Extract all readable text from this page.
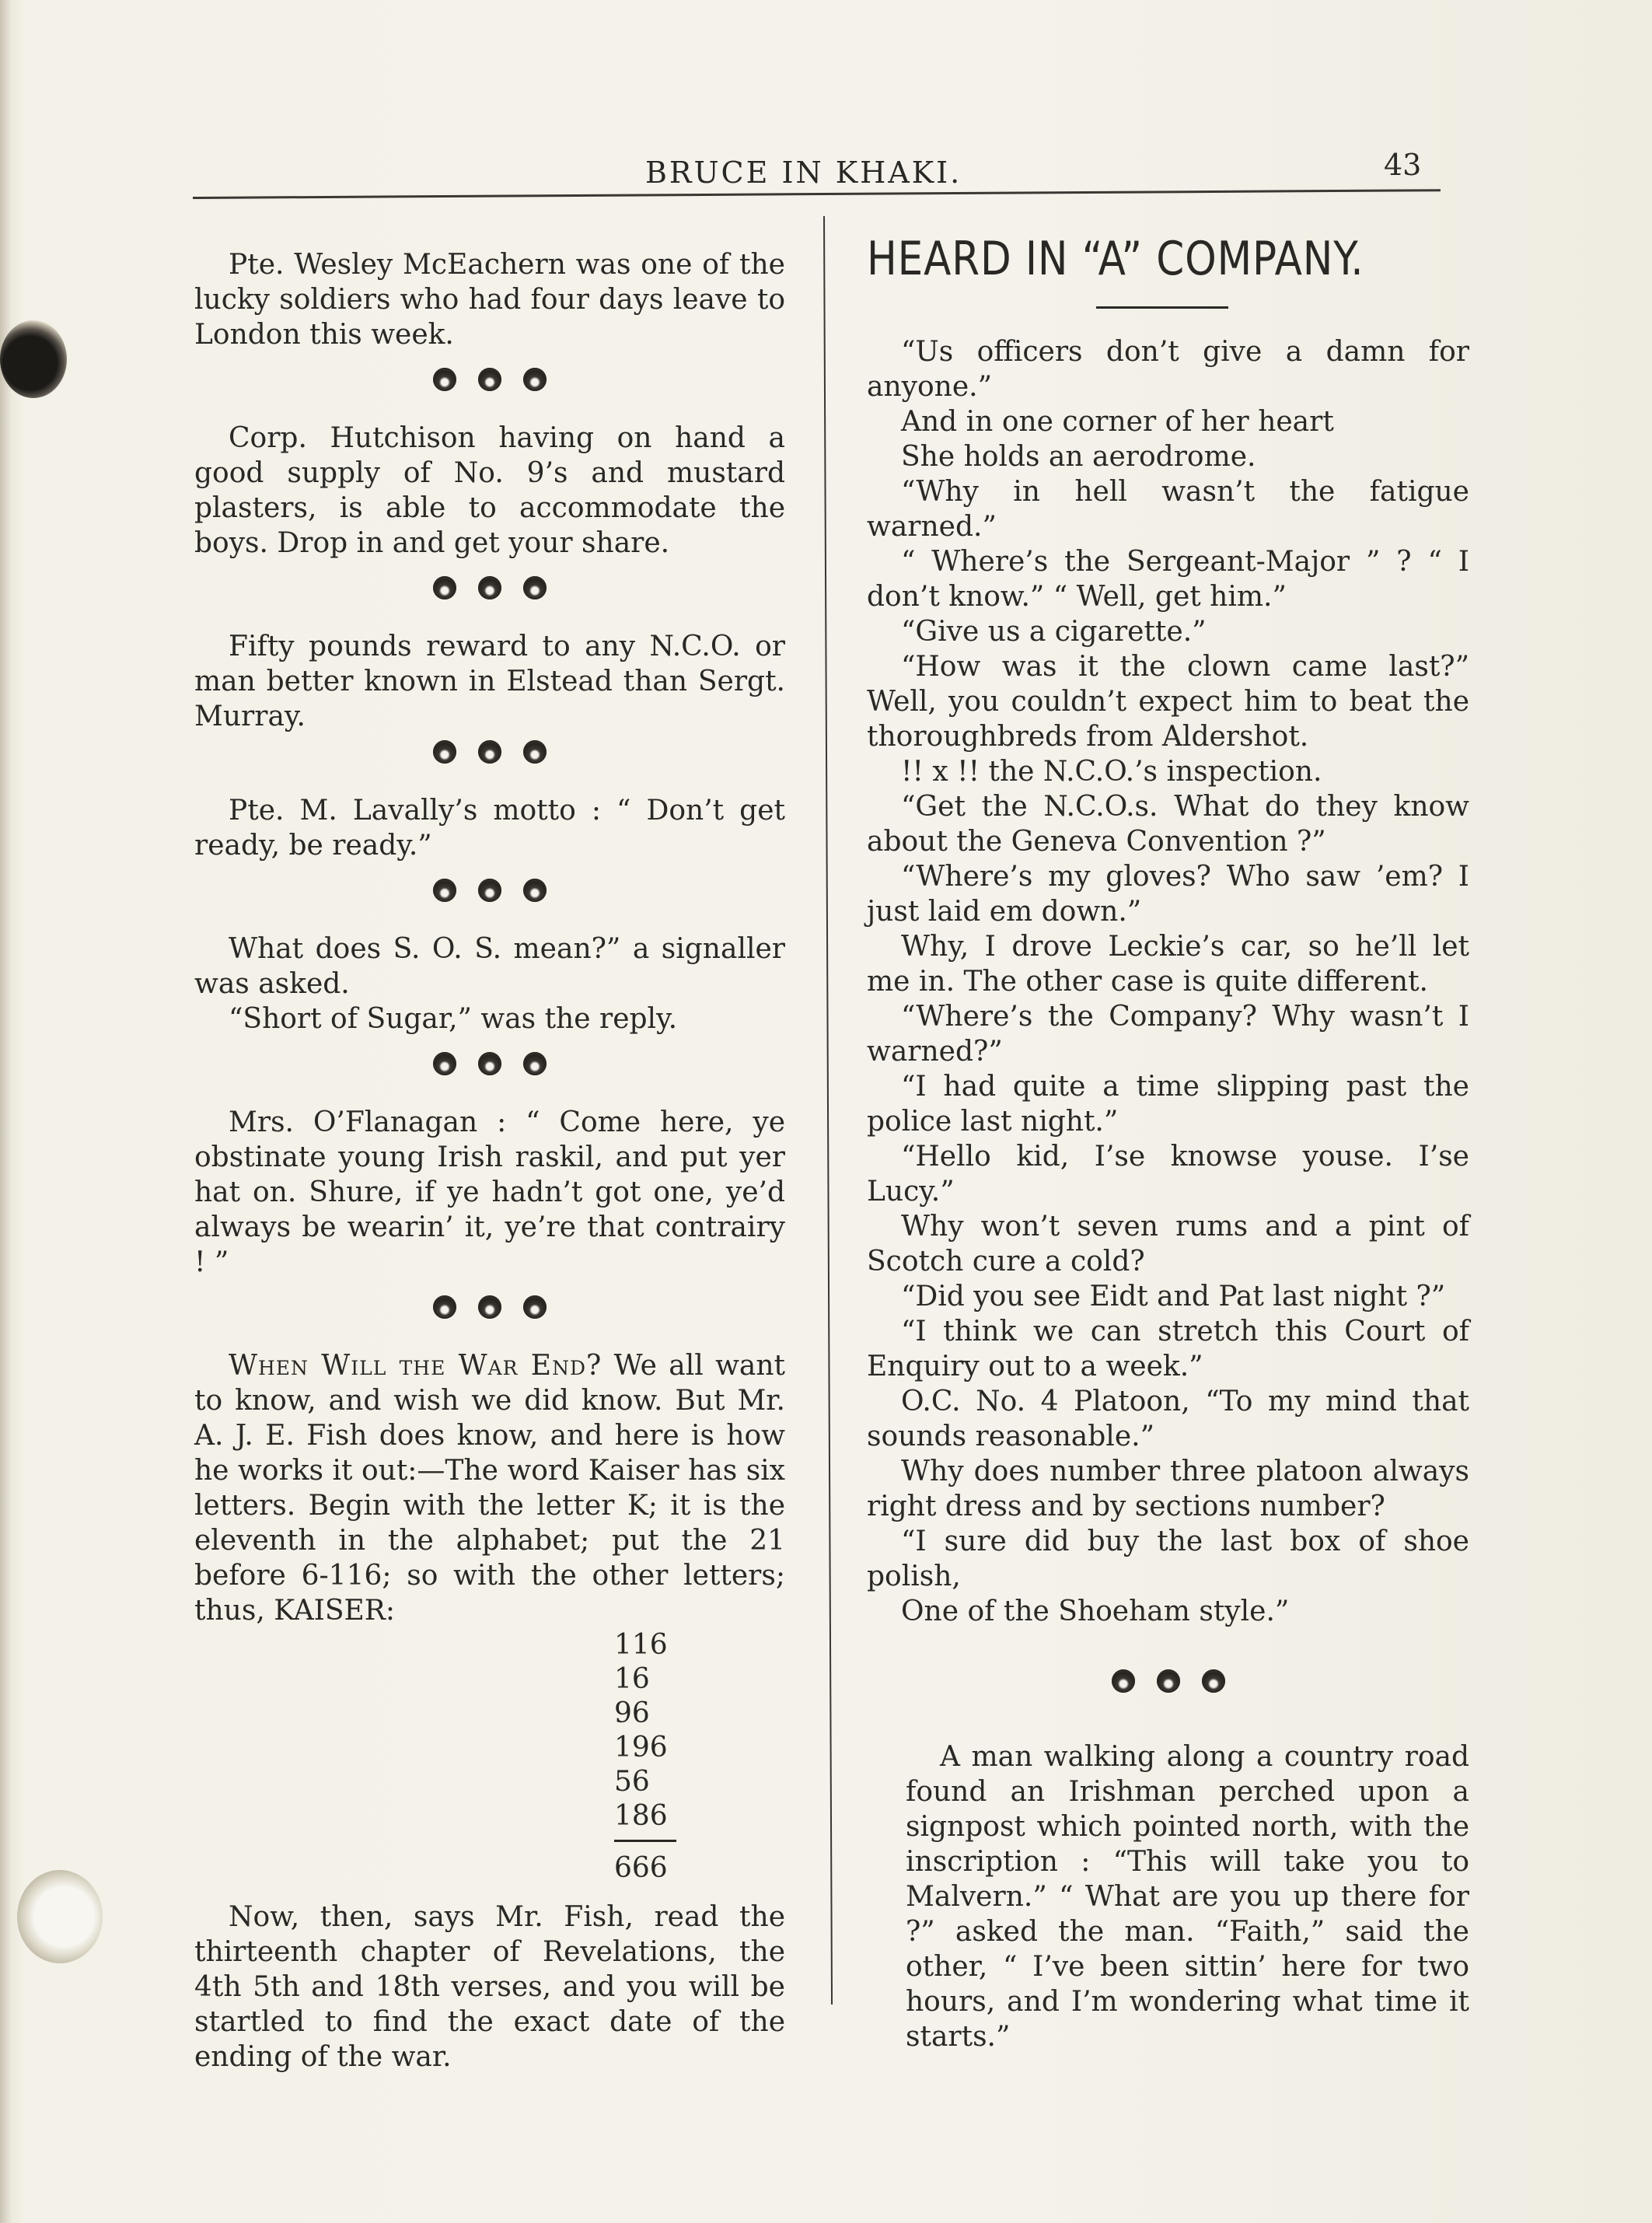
BRUCE IN KHAKI.	43

Pte. Wesley McEachern was one of the lucky soldiers who had four days leave to London this week.

Corp. Hutchison having on hand a good supply of No. 9’s and mustard plasters, is able to accommodate the boys. Drop in and get your share.

Fifty pounds reward to any N.C.O. or man better known in Elstead than Sergt. Murray.

Pte. M. Lavally’s motto : “ Don’t get ready, be ready.”

What does S. O. S. mean?” a signaller was asked.

“Short of Sugar,” was the reply.

Mrs. O’Flanagan : “ Come here, ye obstinate young Irish raskil, and put yer hat on. Shure, if ye hadn’t got one, ye’d always be wearin’ it, ye’re that contrairy ! ”

When Will the War End? We all want to know, and wish we did know. But Mr. A. J. E. Fish does know, and here is how he works it out:—The word Kaiser has six letters. Begin with the letter K; it is the eleventh in the alphabet; put the 21 before 6-116; so with the other letters; thus, KAISER:

116
16
96
196
56
186
666

Now, then, says Mr. Fish, read the thirteenth chapter of Revelations, the 4th 5th and 18th verses, and you will be startled to find the exact date of the ending of the war.

HEARD IN “A” COMPANY.

“Us officers don’t give a damn for anyone.”

And in one corner of her heart

She holds an aerodrome.

“Why in hell wasn’t the fatigue warned.”

“ Where’s the Sergeant-Major ” ? “ I don’t know.” “ Well, get him.”

“Give us a cigarette.”

“How was it the clown came last?” Well, you couldn’t expect him to beat the thoroughbreds from Aldershot.

!! x !! the N.C.O.’s inspection.

“Get the N.C.O.s. What do they know about the Geneva Convention ?”

“Where’s my gloves? Who saw ’em? I just laid em down.”

Why, I drove Leckie’s car, so he’ll let me in. The other case is quite different.

“Where’s the Company? Why wasn’t I warned?”

“I had quite a time slipping past the police last night.”

“Hello kid, I’se knowse youse. I’se Lucy.”

Why won’t seven rums and a pint of Scotch cure a cold?

“Did you see Eidt and Pat last night ?”

“I think we can stretch this Court of Enquiry out to a week.”

O.C. No. 4 Platoon, “To my mind that sounds reasonable.”

Why does number three platoon always right dress and by sections number?

“I sure did buy the last box of shoe polish,

One of the Shoeham style.”

A man walking along a country road found an Irishman perched upon a signpost which pointed north, with the inscription : “This will take you to Malvern.” “ What are you up there for ?” asked the man. “Faith,” said the other, “ I’ve been sittin’ here for two hours, and I’m wondering what time it starts.”
